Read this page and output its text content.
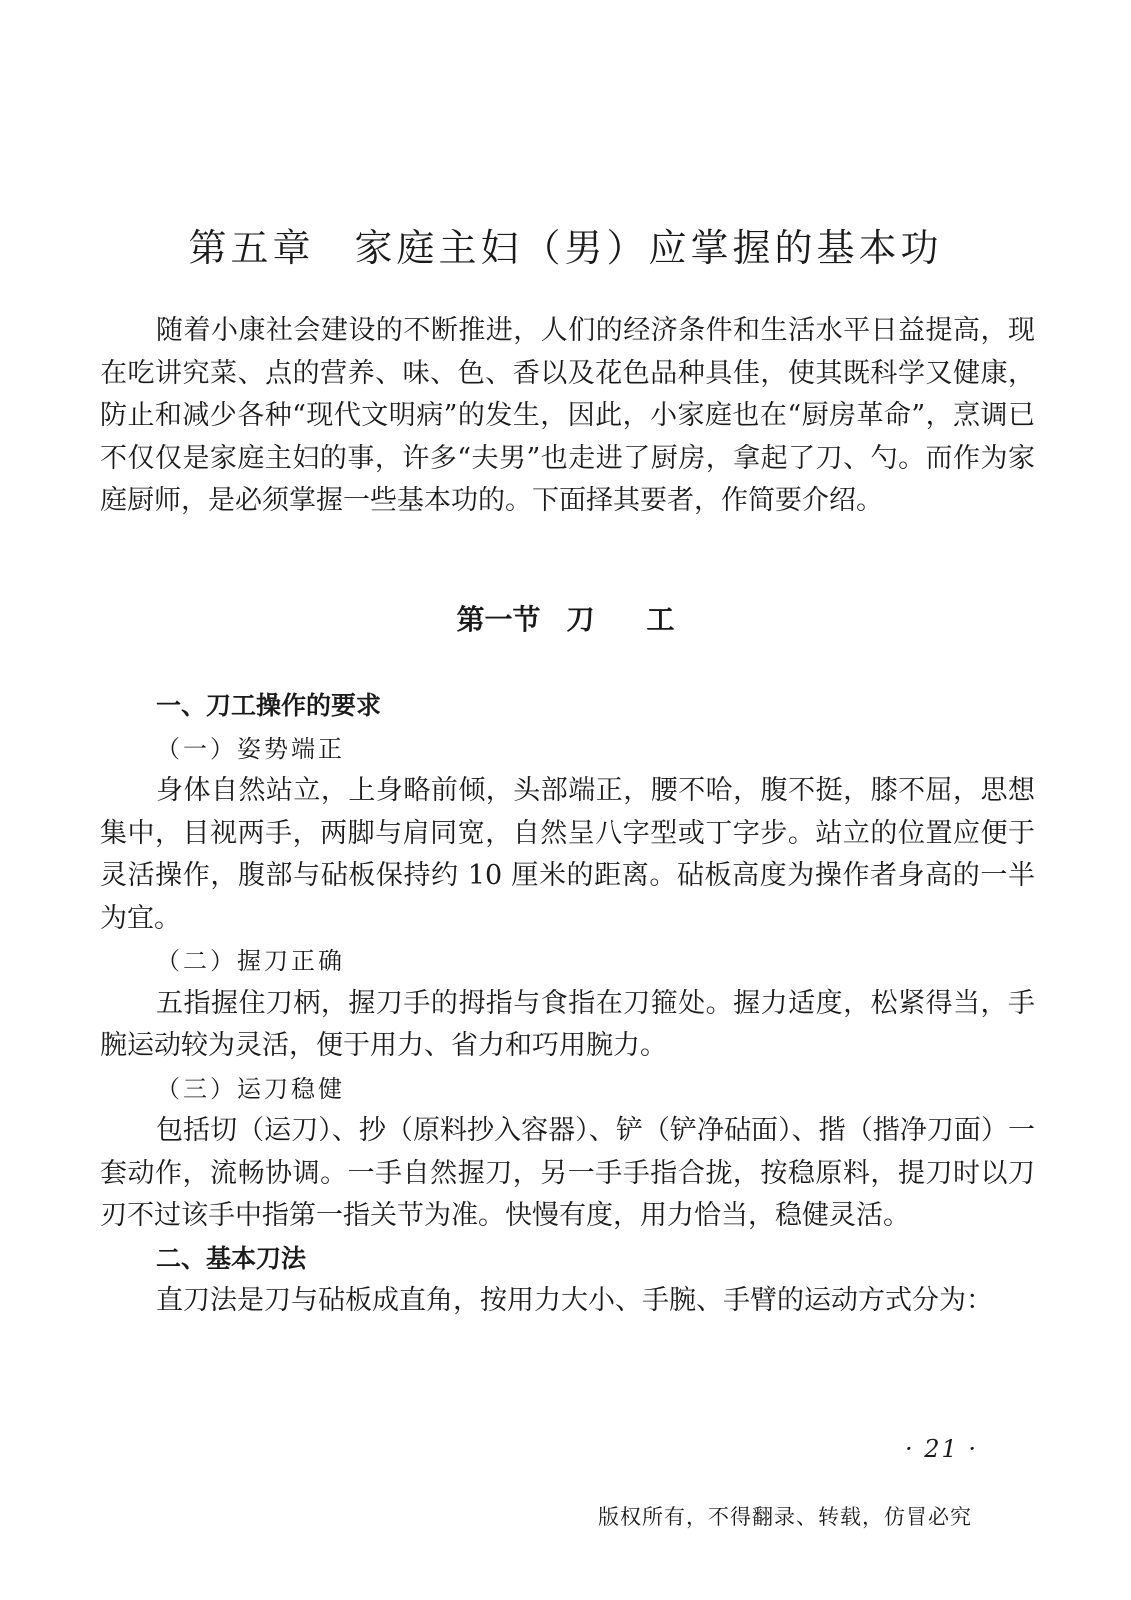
第五章 家庭主妇（男）应掌握的基本功

随着小康社会建设的不断推进，人们的经济条件和生活水平日益提高，现在吃讲究菜、点的营养、味、色、香以及花色品种具佳，使其既科学又健康，防止和减少各种“现代文明病”的发生，因此，小家庭也在“厨房革命”，烹调已不仅仅是家庭主妇的事，许多“夫男”也走进了厨房，拿起了刀、勺。而作为家庭厨师，是必须掌握一些基本功的。下面择其要者，作简要介绍。

第一节 刀 工

一、刀工操作的要求

（一）姿势端正

身体自然站立，上身略前倾，头部端正，腰不哈，腹不挺，膝不屈，思想集中，目视两手，两脚与肩同宽，自然呈八字型或丁字步。站立的位置应便于灵活操作，腹部与砧板保持约 10 厘米的距离。砧板高度为操作者身高的一半为宜。

（二）握刀正确

五指握住刀柄，握刀手的拇指与食指在刀箍处。握力适度，松紧得当，手腕运动较为灵活，便于用力、省力和巧用腕力。

（三）运刀稳健

包括切（运刀）、抄（原料抄入容器）、铲（铲净砧面）、揩（揩净刀面）一套动作，流畅协调。一手自然握刀，另一手手指合拢，按稳原料，提刀时以刀刃不过该手中指第一指关节为准。快慢有度，用力恰当，稳健灵活。

二、基本刀法

直刀法是刀与砧板成直角，按用力大小、手腕、手臂的运动方式分为：

· 21 ·
版权所有，不得翻录、转载，仿冒必究
